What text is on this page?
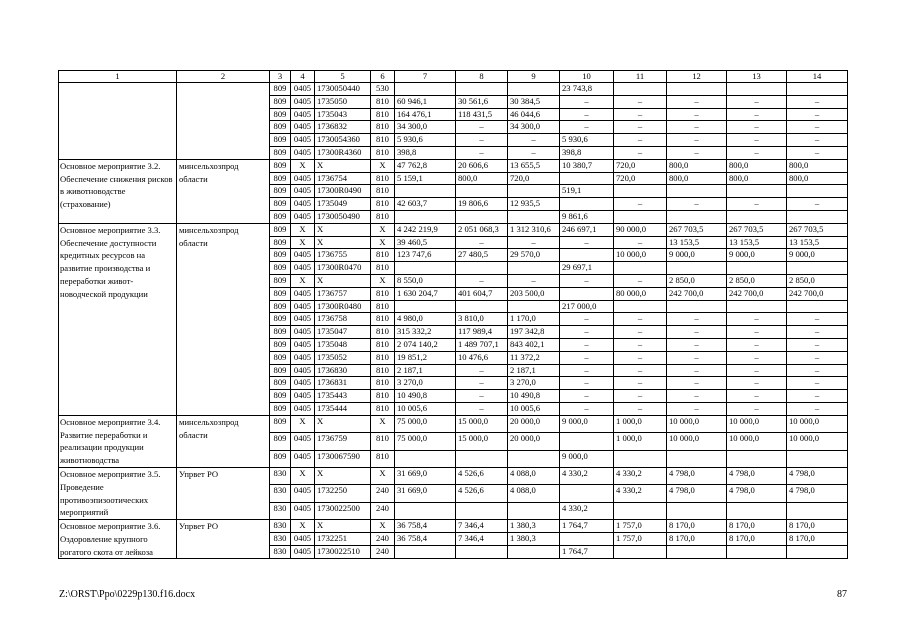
1	2	3	4	5	6	7	8	9	10	11	12	13	14
		809	0405	1730050440	530				23 743,8				
		809	0405	1735050	810	60 946,1	30 561,6	30 384,5	–	–	–	–	–
		809	0405	1735043	810	164 476,1	118 431,5	46 044,6	–	–	–	–	–
		809	0405	1736832	810	34 300,0	–	34 300,0	–	–	–	–	–
		809	0405	1730054360	810	5 930,6	–	–	5 930,6	–	–	–	–
		809	0405	17300R4360	810	398,8	–	–	398,8	–	–	–	–
Основное мероприятие 3.2. Обеспечение снижения рисков в животноводстве (страхование)	минсельхозпрод области	809	Х	Х	Х	47 762,8	20 606,6	13 655,5	10 380,7	720,0	800,0	800,0	800,0
		809	0405	1736754	810	5 159,1	800,0	720,0		720,0	800,0	800,0	800,0
		809	0405	17300R0490	810				519,1				
		809	0405	1735049	810	42 603,7	19 806,6	12 935,5		–	–	–	–
		809	0405	1730050490	810				9 861,6				
Основное мероприятие 3.3. Обеспечение доступности кредитных ресурсов на развитие производства и переработки живот-новодческой продукции	минсельхозпрод области	809	Х	Х	Х	4 242 219,9	2 051 068,3	1 312 310,6	246 697,1	90 000,0	267 703,5	267 703,5	267 703,5
		809	Х	Х	Х	39 460,5	–	–	–	–	13 153,5	13 153,5	13 153,5
		809	0405	1736755	810	123 747,6	27 480,5	29 570,0		10 000,0	9 000,0	9 000,0	9 000,0
		809	0405	17300R0470	810				29 697,1				
		809	Х	Х	Х	8 550,0	–	–	–	–	2 850,0	2 850,0	2 850,0
		809	0405	1736757	810	1 630 204,7	401 604,7	203 500,0		80 000,0	242 700,0	242 700,0	242 700,0
		809	0405	17300R0480	810				217 000,0				
		809	0405	1736758	810	4 980,0	3 810,0	1 170,0	–	–	–	–	–
		809	0405	1735047	810	315 332,2	117 989,4	197 342,8	–	–	–	–	–
		809	0405	1735048	810	2 074 140,2	1 489 707,1	843 402,1	–	–	–	–	–
		809	0405	1735052	810	19 851,2	10 476,6	11 372,2	–	–	–	–	–
		809	0405	1736830	810	2 187,1	–	2 187,1	–	–	–	–	–
		809	0405	1736831	810	3 270,0	–	3 270,0	–	–	–	–	–
		809	0405	1735443	810	10 490,8	–	10 490,8	–	–	–	–	–
		809	0405	1735444	810	10 005,6	–	10 005,6	–	–	–	–	–
Основное мероприятие 3.4. Развитие переработки и реализации продукции животноводства	минсельхозпрод области	809	Х	Х	Х	75 000,0	15 000,0	20 000,0	9 000,0	1 000,0	10 000,0	10 000,0	10 000,0
		809	0405	1736759	810	75 000,0	15 000,0	20 000,0		1 000,0	10 000,0	10 000,0	10 000,0
		809	0405	1730067590	810				9 000,0				
Основное мероприятие 3.5. Проведение противоэпизоотических мероприятий	Упрвет РО	830	Х	Х	Х	31 669,0	4 526,6	4 088,0	4 330,2	4 330,2	4 798,0	4 798,0	4 798,0
		830	0405	1732250	240	31 669,0	4 526,6	4 088,0		4 330,2	4 798,0	4 798,0	4 798,0
		830	0405	1730022500	240				4 330,2				
Основное мероприятие 3.6. Оздоровление крупного рогатого скота от лейкоза	Упрвет РО	830	Х	Х	Х	36 758,4	7 346,4	1 380,3	1 764,7	1 757,0	8 170,0	8 170,0	8 170,0
		830	0405	1732251	240	36 758,4	7 346,4	1 380,3		1 757,0	8 170,0	8 170,0	8 170,0
		830	0405	1730022510	240				1 764,7				
Z:\ORST\Ppo\0229p130.f16.docx	87
